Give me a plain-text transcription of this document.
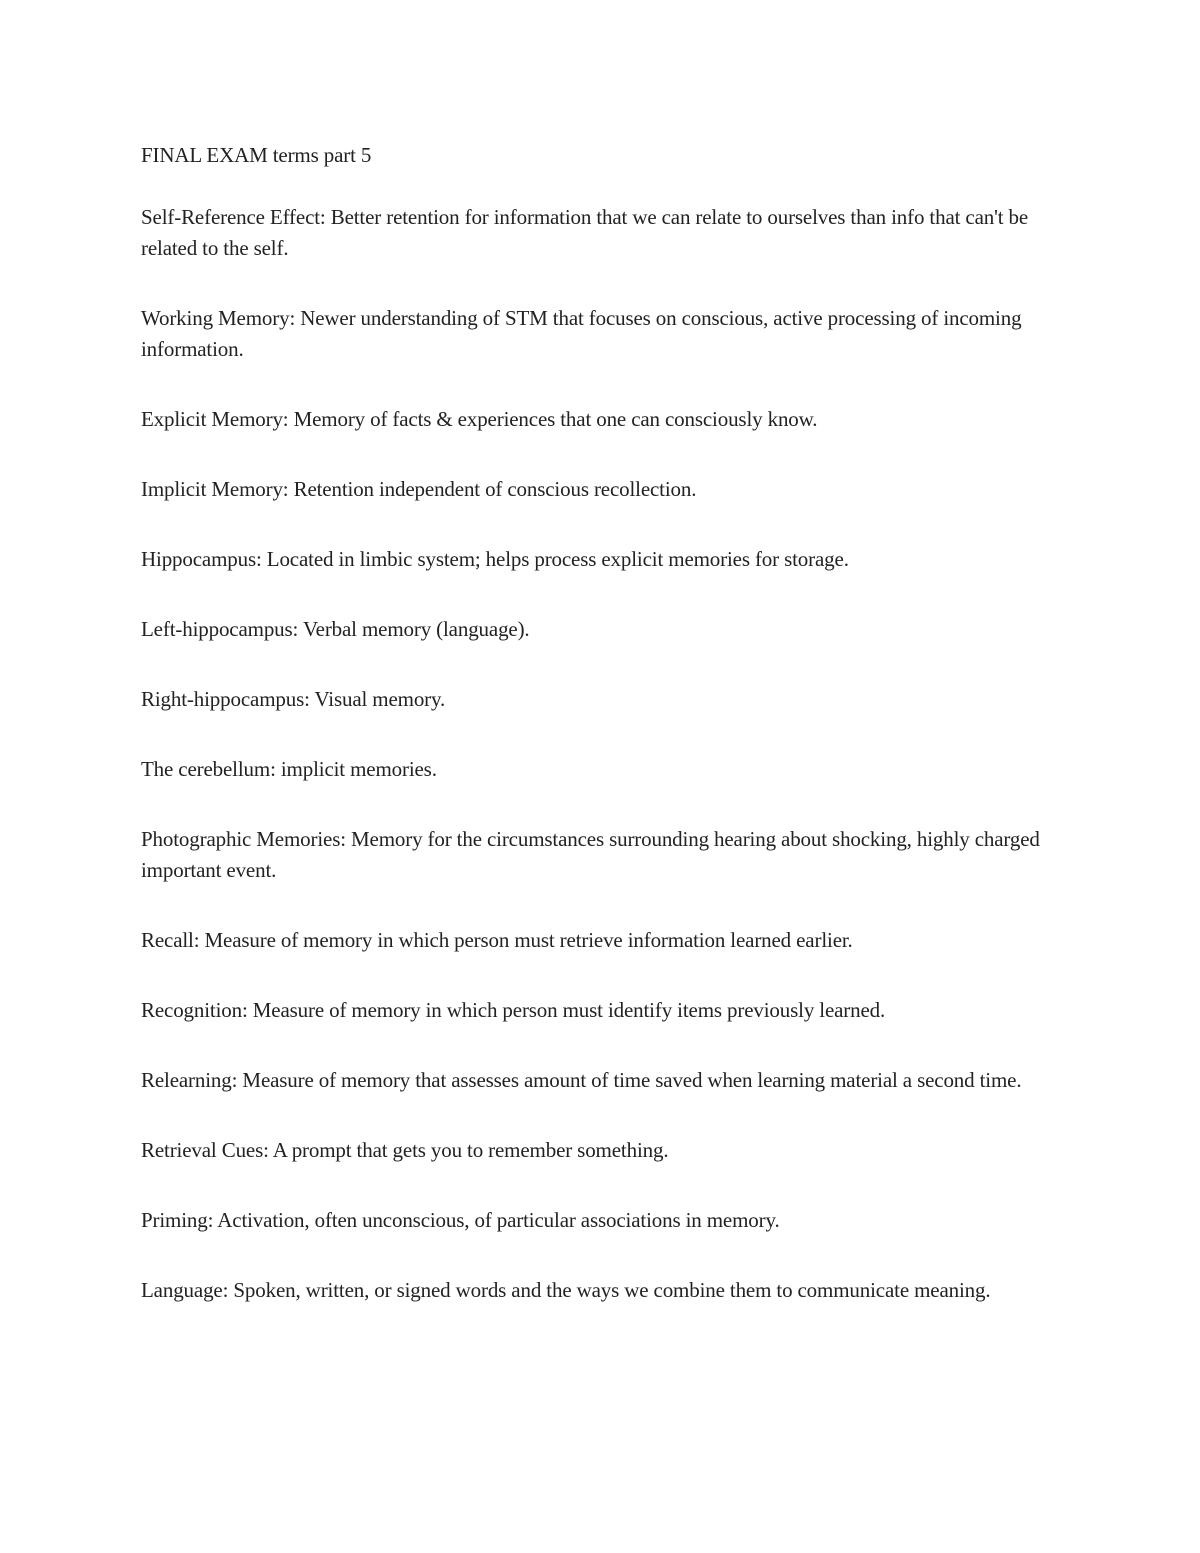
FINAL EXAM terms part 5

Self-Reference Effect: Better retention for information that we can relate to ourselves than info that can't be related to the self.

Working Memory: Newer understanding of STM that focuses on conscious, active processing of incoming information.

Explicit Memory: Memory of facts & experiences that one can consciously know.

Implicit Memory: Retention independent of conscious recollection.

Hippocampus: Located in limbic system; helps process explicit memories for storage.

Left-hippocampus: Verbal memory (language).

Right-hippocampus: Visual memory.

The cerebellum: implicit memories.

Photographic Memories: Memory for the circumstances surrounding hearing about shocking, highly charged important event.

Recall: Measure of memory in which person must retrieve information learned earlier.

Recognition: Measure of memory in which person must identify items previously learned.

Relearning: Measure of memory that assesses amount of time saved when learning material a second time.

Retrieval Cues: A prompt that gets you to remember something.

Priming: Activation, often unconscious, of particular associations in memory.

Language: Spoken, written, or signed words and the ways we combine them to communicate meaning.
